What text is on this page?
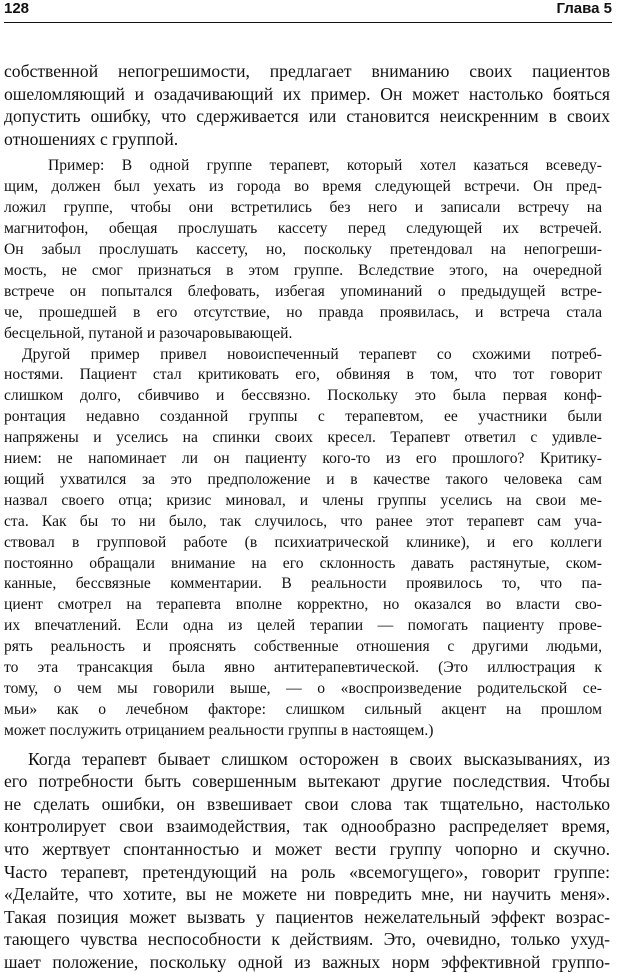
128	Глава 5
собственной непогрешимости, предлагает вниманию своих пациентов
ошеломляющий и озадачивающий их пример. Он может настолько бояться
допустить ошибку, что сдерживается или становится неискренним в своих
отношениях с группой.
Пример: В одной группе терапевт, который хотел казаться всеведу-
щим, должен был уехать из города во время следующей встречи. Он пред-
ложил группе, чтобы они встретились без него и записали встречу на
магнитофон, обещая прослушать кассету перед следующей их встречей.
Он забыл прослушать кассету, но, поскольку претендовал на непогреши-
мость, не смог признаться в этом группе. Вследствие этого, на очередной
встрече он попытался блефовать, избегая упоминаний о предыдущей встре-
че, прошедшей в его отсутствие, но правда проявилась, и встреча стала
бесцельной, путаной и разочаровывающей.
Другой пример привел новоиспеченный терапевт со схожими потреб-
ностями. Пациент стал критиковать его, обвиняя в том, что тот говорит
слишком долго, сбивчиво и бессвязно. Поскольку это была первая конф-
ронтация недавно созданной группы с терапевтом, ее участники были
напряжены и уселись на спинки своих кресел. Терапевт ответил с удивле-
нием: не напоминает ли он пациенту кого-то из его прошлого? Критику-
ющий ухватился за это предположение и в качестве такого человека сам
назвал своего отца; кризис миновал, и члены группы уселись на свои ме-
ста. Как бы то ни было, так случилось, что ранее этот терапевт сам уча-
ствовал в групповой работе (в психиатрической клинике), и его коллеги
постоянно обращали внимание на его склонность давать растянутые, ском-
канные, бессвязные комментарии. В реальности проявилось то, что па-
циент смотрел на терапевта вполне корректно, но оказался во власти сво-
их впечатлений. Если одна из целей терапии — помогать пациенту прове-
рять реальность и прояснять собственные отношения с другими людьми,
то эта трансакция была явно антитерапевтической. (Это иллюстрация к
тому, о чем мы говорили выше, — о «воспроизведение родительской се-
мьи» как о лечебном факторе: слишком сильный акцент на прошлом
может послужить отрицанием реальности группы в настоящем.)
Когда терапевт бывает слишком осторожен в своих высказываниях, из
его потребности быть совершенным вытекают другие последствия. Чтобы
не сделать ошибки, он взвешивает свои слова так тщательно, настолько
контролирует свои взаимодействия, так однообразно распределяет время,
что жертвует спонтанностью и может вести группу чопорно и скучно.
Часто терапевт, претендующий на роль «всемогущего», говорит группе:
«Делайте, что хотите, вы не можете ни повредить мне, ни научить меня».
Такая позиция может вызвать у пациентов нежелательный эффект возрас-
тающего чувства неспособности к действиям. Это, очевидно, только ухуд-
шает положение, поскольку одной из важных норм эффективной группо-
